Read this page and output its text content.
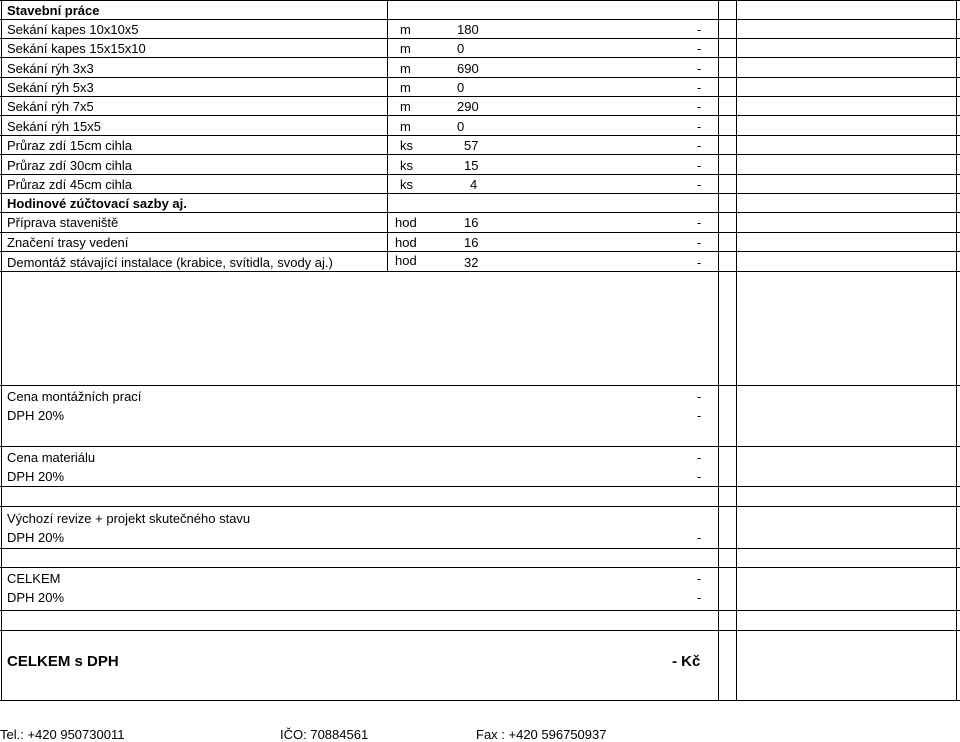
Stavební práce
Sekání kapes 10x10x5	m	180	-
Sekání kapes 15x15x10	m	0	-
Sekání rýh 3x3	m	690	-
Sekání rýh 5x3	m	0	-
Sekání rýh 7x5	m	290	-
Sekání rýh 15x5	m	0	-
Průraz zdí 15cm cihla	ks	57	-
Průraz zdí 30cm cihla	ks	15	-
Průraz zdí 45cm cihla	ks	4	-
Hodinové zúčtovací sazby aj.
Příprava staveniště	hod	16	-
Značení trasy vedení	hod	16	-
Demontáž stávající instalace (krabice, svítidla, svody aj.)	hod	32	-
Cena montážních prací	-
DPH 20%	-
Cena materiálu	-
DPH 20%	-
Výchozí revize + projekt skutečného stavu
DPH 20%	-
CELKEM	-
DPH 20%	-
CELKEM s DPH	- Kč
Tel.: +420 950730011	IČO: 70884561	Fax : +420 596750937
